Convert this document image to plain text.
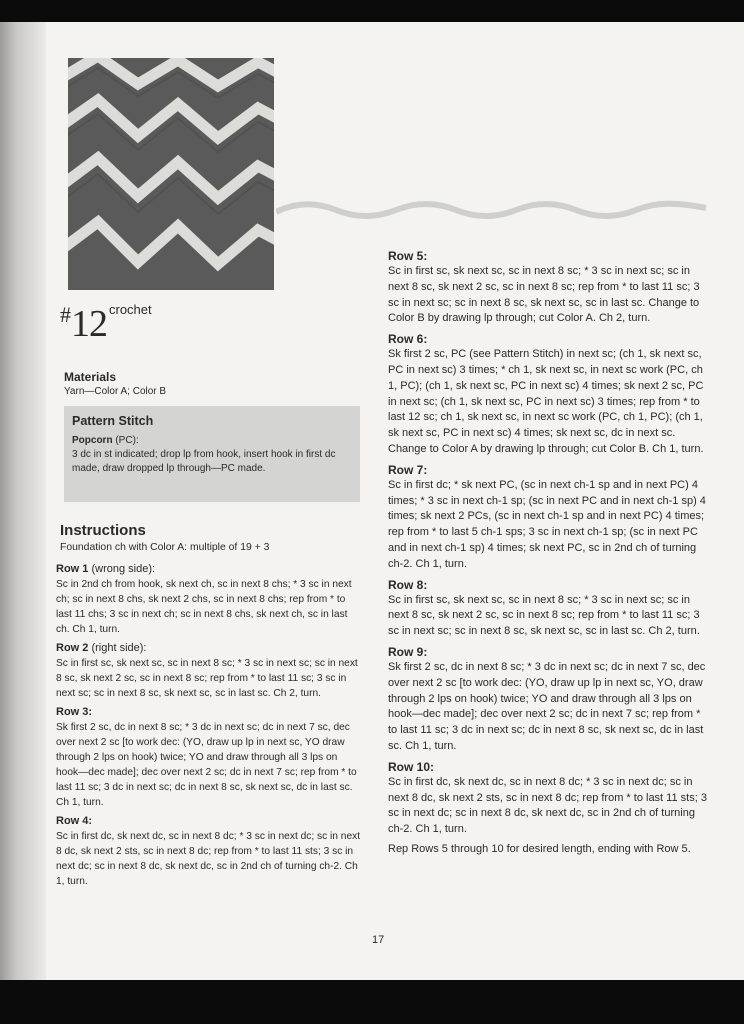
#12 $^{crochet}$
Materials
Yarn—Color A; Color B
Pattern Stitch
Popcorn (PC):
3 dc in st indicated; drop lp from hook, insert hook in first dc made, draw dropped lp through—PC made.
Instructions
Foundation ch with Color A: multiple of 19 + 3
Row 1 (wrong side):

Sc in 2nd ch from hook, sk next ch, sc in next 8 chs; * 3 sc in next ch; sc in next 8 chs, sk next 2 chs, sc in next 8 chs; rep from * to last 11 chs; 3 sc in next ch; sc in next 8 chs, sk next ch, sc in last ch. Ch 1, turn.

Row 2 (right side):

Sc in first sc, sk next sc, sc in next 8 sc; * 3 sc in next sc; sc in next 8 sc, sk next 2 sc, sc in next 8 sc; rep from * to last 11 sc; 3 sc in next sc; sc in next 8 sc, sk next sc, sc in last sc. Ch 2, turn.

Row 3:

Sk first 2 sc, dc in next 8 sc; * 3 dc in next sc; dc in next 7 sc, dec over next 2 sc [to work dec: (YO, draw up lp in next sc, YO draw through 2 lps on hook) twice; YO and draw through all 3 lps on hook—dec made]; dec over next 2 sc; dc in next 7 sc; rep from * to last 11 sc; 3 dc in next sc; dc in next 8 sc, sk next sc, dc in last sc. Ch 1, turn.

Row 4:

Sc in first dc, sk next dc, sc in next 8 dc; * 3 sc in next dc; sc in next 8 dc, sk next 2 sts, sc in next 8 dc; rep from * to last 11 sts; 3 sc in next dc; sc in next 8 dc, sk next dc, sc in 2nd ch of turning ch-2. Ch 1, turn.

Row 5:

Sc in first sc, sk next sc, sc in next 8 sc; * 3 sc in next sc; sc in next 8 sc, sk next 2 sc, sc in next 8 sc; rep from * to last 11 sc; 3 sc in next sc; sc in next 8 sc, sk next sc, sc in last sc. Change to Color B by drawing lp through; cut Color A. Ch 2, turn.

Row 6:

Sk first 2 sc, PC (see Pattern Stitch) in next sc; (ch 1, sk next sc, PC in next sc) 3 times; * ch 1, sk next sc, in next sc work (PC, ch 1, PC); (ch 1, sk next sc, PC in next sc) 4 times; sk next 2 sc, PC in next sc; (ch 1, sk next sc, PC in next sc) 3 times; rep from * to last 12 sc; ch 1, sk next sc, in next sc work (PC, ch 1, PC); (ch 1, sk next sc, PC in next sc) 4 times; sk next sc, dc in next sc. Change to Color A by drawing lp through; cut Color B. Ch 1, turn.

Row 7:

Sc in first dc; * sk next PC, (sc in next ch-1 sp and in next PC) 4 times; * 3 sc in next ch-1 sp; (sc in next PC and in next ch-1 sp) 4 times; sk next 2 PCs, (sc in next ch-1 sp and in next PC) 4 times; rep from * to last 5 ch-1 sps; 3 sc in next ch-1 sp; (sc in next PC and in next ch-1 sp) 4 times; sk next PC, sc in 2nd ch of turning ch-2. Ch 1, turn.

Row 8:

Sc in first sc, sk next sc, sc in next 8 sc; * 3 sc in next sc; sc in next 8 sc, sk next 2 sc, sc in next 8 sc; rep from * to last 11 sc; 3 sc in next sc; sc in next 8 sc, sk next sc, sc in last sc. Ch 2, turn.

Row 9:

Sk first 2 sc, dc in next 8 sc; * 3 dc in next sc; dc in next 7 sc, dec over next 2 sc [to work dec: (YO, draw up lp in next sc, YO, draw through 2 lps on hook) twice; YO and draw through all 3 lps on hook—dec made]; dec over next 2 sc; dc in next 7 sc; rep from * to last 11 sc; 3 dc in next sc; dc in next 8 sc, sk next sc, dc in last sc. Ch 1, turn.

Row 10:

Sc in first dc, sk next dc, sc in next 8 dc; * 3 sc in next dc; sc in next 8 dc, sk next 2 sts, sc in next 8 dc; rep from * to last 11 sts; 3 sc in next dc; sc in next 8 dc, sk next dc, sc in 2nd ch of turning ch-2. Ch 1, turn.

Rep Rows 5 through 10 for desired length, ending with Row 5.

17
